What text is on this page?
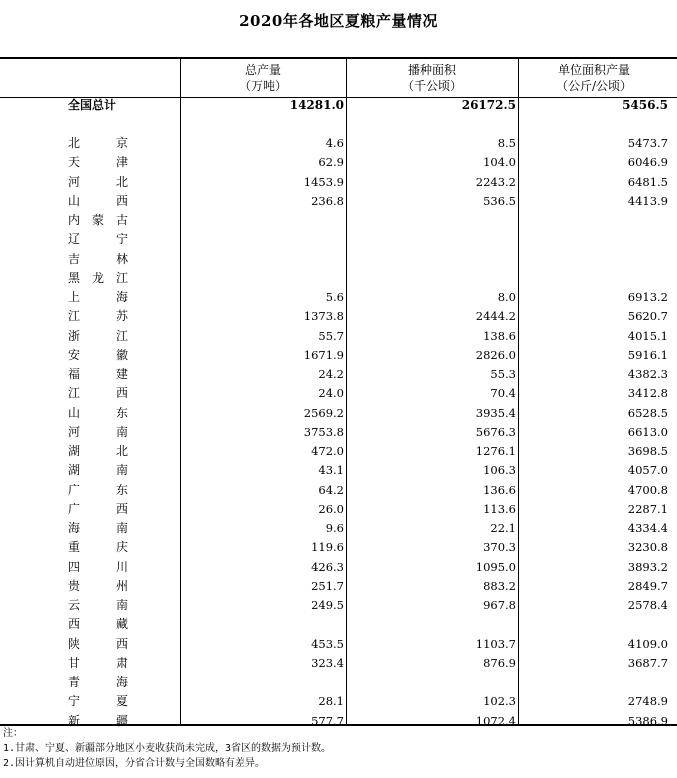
2020年各地区夏粮产量情况
总产量
（万吨）
播种面积
（千公顷）
单位面积产量
（公斤/公顷）
全国总计	14281.0	26172.5	5456.5
北	京	4.6	8.5	5473.7
天	津	62.9	104.0	6046.9
河	北	1453.9	2243.2	6481.5
山	西	236.8	536.5	4413.9
内 蒙 古
辽	宁
吉	林
黑 龙 江
上	海	5.6	8.0	6913.2
江	苏	1373.8	2444.2	5620.7
浙	江	55.7	138.6	4015.1
安	徽	1671.9	2826.0	5916.1
福	建	24.2	55.3	4382.3
江	西	24.0	70.4	3412.8
山	东	2569.2	3935.4	6528.5
河	南	3753.8	5676.3	6613.0
湖	北	472.0	1276.1	3698.5
湖	南	43.1	106.3	4057.0
广	东	64.2	136.6	4700.8
广	西	26.0	113.6	2287.1
海	南	9.6	22.1	4334.4
重	庆	119.6	370.3	3230.8
四	川	426.3	1095.0	3893.2
贵	州	251.7	883.2	2849.7
云	南	249.5	967.8	2578.4
西	藏
陕	西	453.5	1103.7	4109.0
甘	肃	323.4	876.9	3687.7
青	海
宁	夏	28.1	102.3	2748.9
新	疆	577.7	1072.4	5386.9
注：
1.甘肃、宁夏、新疆部分地区小麦收获尚未完成，3省区的数据为预计数。
2.因计算机自动进位原因，分省合计数与全国数略有差异。
